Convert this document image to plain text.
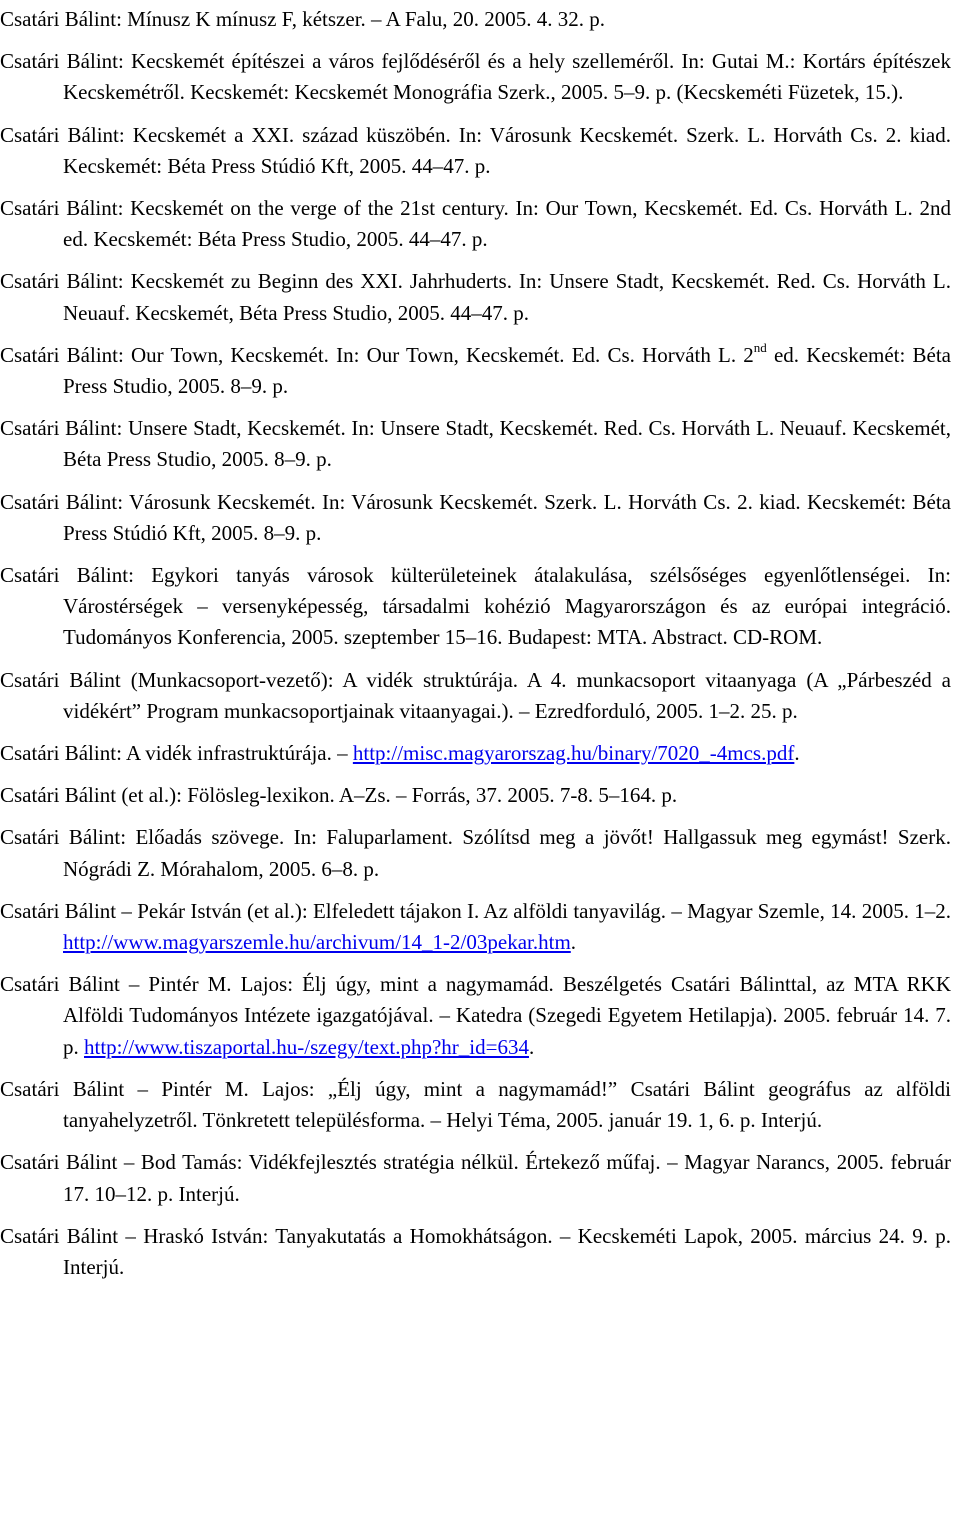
Csatári Bálint: Mínusz K mínusz F, kétszer. – A Falu, 20. 2005. 4. 32. p.

Csatári Bálint: Kecskemét építészei a város fejlődéséről és a hely szelleméről. In: Gutai M.: Kortárs építészek Kecskemétről. Kecskemét: Kecskemét Monográfia Szerk., 2005. 5–9. p. (Kecskeméti Füzetek, 15.).

Csatári Bálint: Kecskemét a XXI. század küszöbén. In: Városunk Kecskemét. Szerk. L. Horváth Cs. 2. kiad. Kecskemét: Béta Press Stúdió Kft, 2005. 44–47. p.

Csatári Bálint: Kecskemét on the verge of the 21st century. In: Our Town, Kecskemét. Ed. Cs. Horváth L. 2nd ed. Kecskemét: Béta Press Studio, 2005. 44–47. p.

Csatári Bálint: Kecskemét zu Beginn des XXI. Jahrhuderts. In: Unsere Stadt, Kecskemét. Red. Cs. Horváth L. Neuauf. Kecskemét, Béta Press Studio, 2005. 44–47. p.

Csatári Bálint: Our Town, Kecskemét. In: Our Town, Kecskemét. Ed. Cs. Horváth L. 2nd ed. Kecskemét: Béta Press Studio, 2005. 8–9. p.

Csatári Bálint: Unsere Stadt, Kecskemét. In: Unsere Stadt, Kecskemét. Red. Cs. Horváth L. Neuauf. Kecskemét, Béta Press Studio, 2005. 8–9. p.

Csatári Bálint: Városunk Kecskemét. In: Városunk Kecskemét. Szerk. L. Horváth Cs. 2. kiad. Kecskemét: Béta Press Stúdió Kft, 2005. 8–9. p.

Csatári Bálint: Egykori tanyás városok külterületeinek átalakulása, szélsőséges egyenlőtlenségei. In: Várostérségek – versenyképesség, társadalmi kohézió Magyarországon és az európai integráció. Tudományos Konferencia, 2005. szeptember 15–16. Budapest: MTA. Abstract. CD-ROM.

Csatári Bálint (Munkacsoport-vezető): A vidék struktúrája. A 4. munkacsoport vitaanyaga (A „Párbeszéd a vidékért” Program munkacsoportjainak vitaanyagai.). – Ezredforduló, 2005. 1–2. 25. p.

Csatári Bálint: A vidék infrastruktúrája. – http://misc.magyarorszag.hu/binary/7020_-4mcs.pdf.

Csatári Bálint (et al.): Fölösleg-lexikon. A–Zs. – Forrás, 37. 2005. 7-8. 5–164. p.

Csatári Bálint: Előadás szövege. In: Faluparlament. Szólítsd meg a jövőt! Hallgassuk meg egymást! Szerk. Nógrádi Z. Mórahalom, 2005. 6–8. p.

Csatári Bálint – Pekár István (et al.): Elfeledett tájakon I. Az alföldi tanyavilág. – Magyar Szemle, 14. 2005. 1–2. http://www.magyarszemle.hu/archivum/14_1-2/03pekar.htm.

Csatári Bálint – Pintér M. Lajos: Élj úgy, mint a nagymamád. Beszélgetés Csatári Bálinttal, az MTA RKK Alföldi Tudományos Intézete igazgatójával. – Katedra (Szegedi Egyetem Hetilapja). 2005. február 14. 7. p. http://www.tiszaportal.hu-/szegy/text.php?hr_id=634.

Csatári Bálint – Pintér M. Lajos: „Élj úgy, mint a nagymamád!” Csatári Bálint geográfus az alföldi tanyahelyzetről. Tönkretett településforma. – Helyi Téma, 2005. január 19. 1, 6. p. Interjú.

Csatári Bálint – Bod Tamás: Vidékfejlesztés stratégia nélkül. Értekező műfaj. – Magyar Narancs, 2005. február 17. 10–12. p. Interjú.

Csatári Bálint – Hraskó István: Tanyakutatás a Homokhátságon. – Kecskeméti Lapok, 2005. március 24. 9. p. Interjú.
